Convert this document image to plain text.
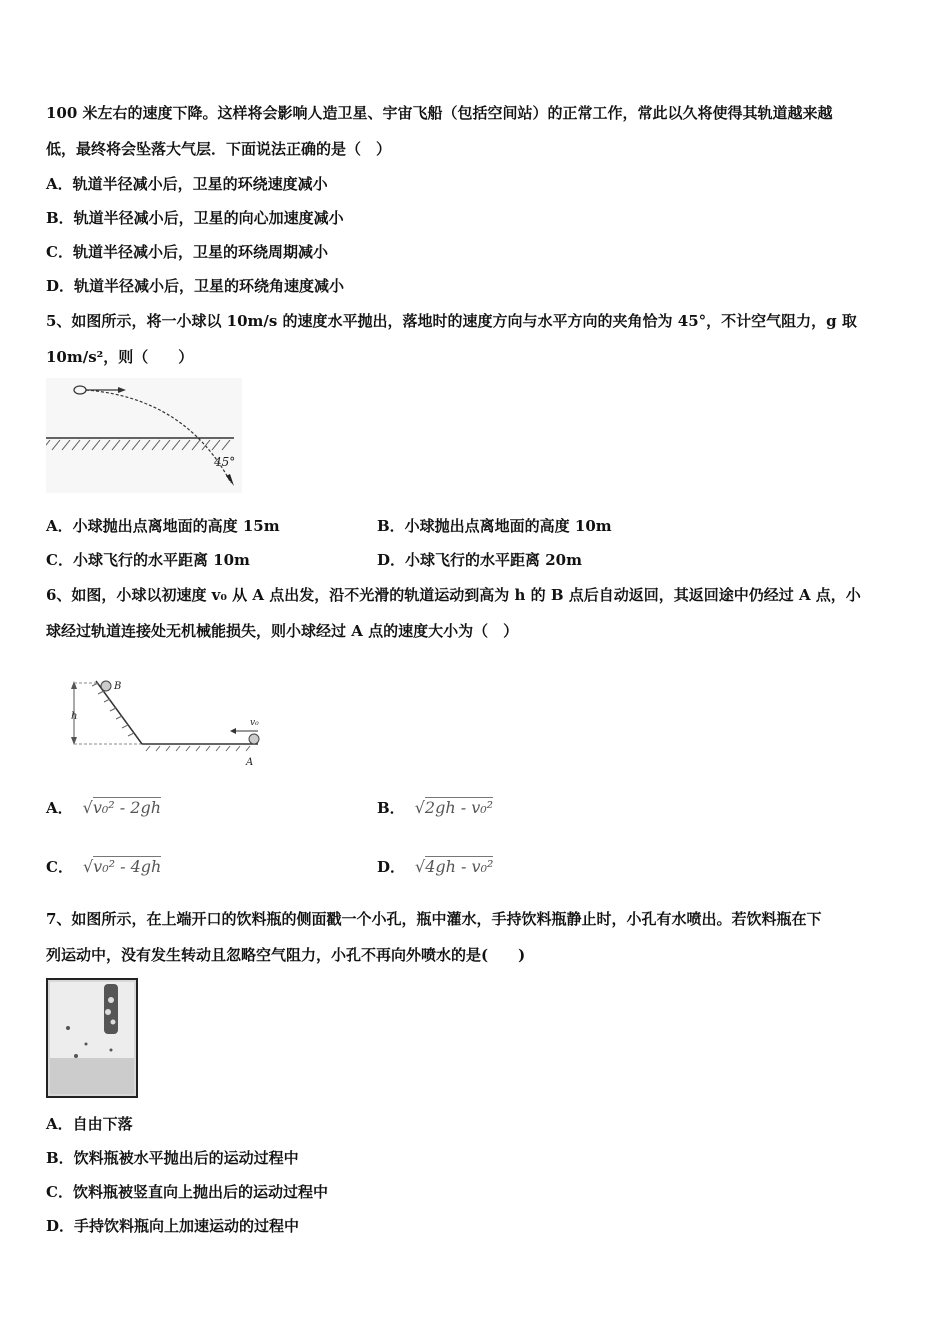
100 米左右的速度下降。这样将会影响人造卫星、宇宙飞船（包括空间站）的正常工作，常此以久将使得其轨道越来越
低，最终将会坠落大气层．下面说法正确的是（　）
A．轨道半径减小后，卫星的环绕速度减小
B．轨道半径减小后，卫星的向心加速度减小
C．轨道半径减小后，卫星的环绕周期减小
D．轨道半径减小后，卫星的环绕角速度减小
5、如图所示，将一小球以 10m/s 的速度水平抛出，落地时的速度方向与水平方向的夹角恰为 45°，不计空气阻力，g 取
10m/s²，则（　　）
45°
A．小球抛出点离地面的高度 15m	B．小球抛出点离地面的高度 10m
C．小球飞行的水平距离 10m	D．小球飞行的水平距离 20m
6、如图，小球以初速度 v₀ 从 A 点出发，沿不光滑的轨道运动到高为 h 的 B 点后自动返回，其返回途中仍经过 A 点，小
球经过轨道连接处无机械能损失，则小球经过 A 点的速度大小为（　）
h
B
v₀
A
A． √v₀² - 2gh	B． √2gh - v₀²
C． √v₀² - 4gh	D． √4gh - v₀²
7、如图所示，在上端开口的饮料瓶的侧面戳一个小孔，瓶中灌水，手持饮料瓶静止时，小孔有水喷出。若饮料瓶在下
列运动中，没有发生转动且忽略空气阻力，小孔不再向外喷水的是(　　)
A．自由下落
B．饮料瓶被水平抛出后的运动过程中
C．饮料瓶被竖直向上抛出后的运动过程中
D．手持饮料瓶向上加速运动的过程中
